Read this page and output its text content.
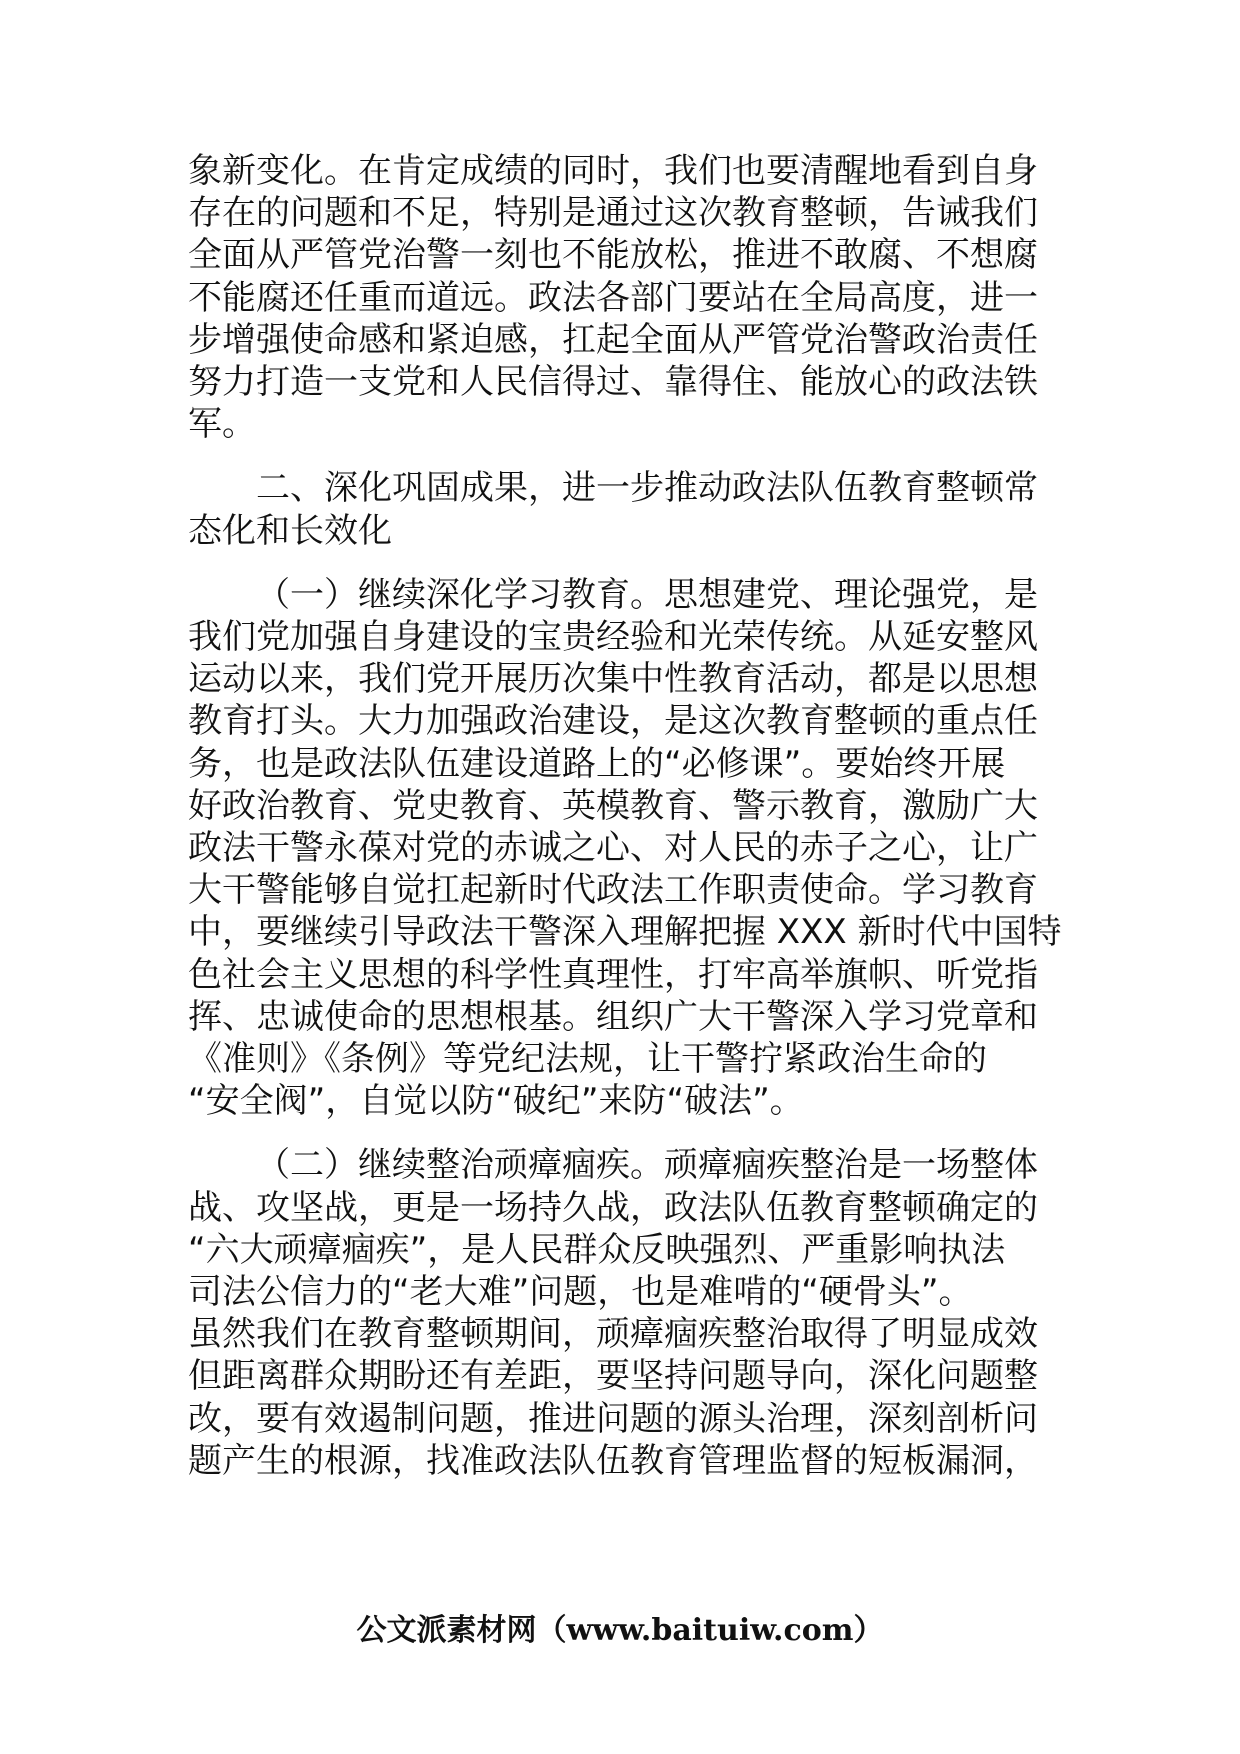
象新变化。在肯定成绩的同时，我们也要清醒地看到自身
存在的问题和不足，特别是通过这次教育整顿，告诫我们
全面从严管党治警一刻也不能放松，推进不敢腐、不想腐
不能腐还任重而道远。政法各部门要站在全局高度，进一
步增强使命感和紧迫感，扛起全面从严管党治警政治责任
努力打造一支党和人民信得过、靠得住、能放心的政法铁
军。

二、深化巩固成果，进一步推动政法队伍教育整顿常
态化和长效化

（一）继续深化学习教育。思想建党、理论强党，是
我们党加强自身建设的宝贵经验和光荣传统。从延安整风
运动以来，我们党开展历次集中性教育活动，都是以思想
教育打头。大力加强政治建设，是这次教育整顿的重点任
务，也是政法队伍建设道路上的“必修课”。要始终开展
好政治教育、党史教育、英模教育、警示教育，激励广大
政法干警永葆对党的赤诚之心、对人民的赤子之心，让广
大干警能够自觉扛起新时代政法工作职责使命。学习教育
中，要继续引导政法干警深入理解把握 XXX 新时代中国特
色社会主义思想的科学性真理性，打牢高举旗帜、听党指
挥、忠诚使命的思想根基。组织广大干警深入学习党章和
《准则》《条例》等党纪法规，让干警拧紧政治生命的
“安全阀”，自觉以防“破纪”来防“破法”。

（二）继续整治顽瘴痼疾。顽瘴痼疾整治是一场整体
战、攻坚战，更是一场持久战，政法队伍教育整顿确定的
“六大顽瘴痼疾”，是人民群众反映强烈、严重影响执法
司法公信力的“老大难”问题，也是难啃的“硬骨头”。
虽然我们在教育整顿期间，顽瘴痼疾整治取得了明显成效
但距离群众期盼还有差距，要坚持问题导向，深化问题整
改，要有效遏制问题，推进问题的源头治理，深刻剖析问
题产生的根源，找准政法队伍教育管理监督的短板漏洞，

公文派素材网（www.baituiw.com）
